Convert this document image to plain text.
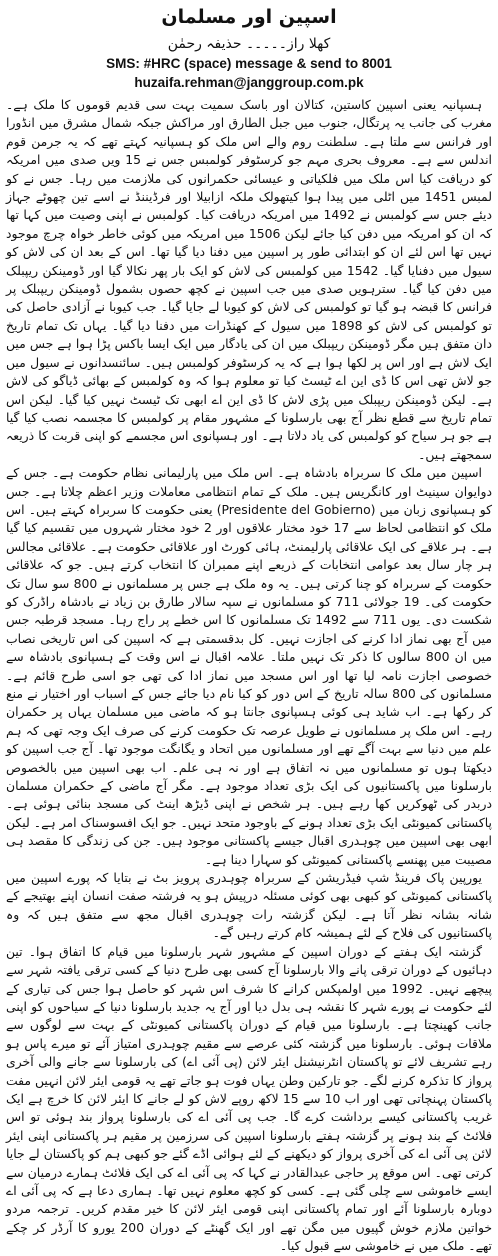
اسپین اور مسلمان
کھلا راز۔۔۔۔۔ حذیفہ رحمٰن
SMS: #HRC (space) message & send to 8001
huzaifa.rehman@janggroup.com.pk

ہسپانیہ یعنی اسپین کاستین، کتالان اور باسک سمیت بہت سی قدیم قوموں کا ملک ہے۔ مغرب کی جانب یہ پرتگال، جنوب میں جبل الطارق اور مراکش جبکہ شمال مشرق میں انڈورا اور فرانس سے ملتا ہے۔ سلطنت روم والے اس ملک کو ہسپانیہ کہتے تھے کہ یہ جرمن قوم اندلس سے ہے۔ معروف بحری مہم جو کرسٹوفر کولمبس جس نے 15 ویں صدی میں امریکہ کو دریافت کیا اس ملک میں فلکیاتی و عیسائی حکمرانوں کی ملازمت میں رہا۔ جس نے کو لمبس 1451 میں اٹلی میں پیدا ہوا کیتھولک ملکہ ازابیلا اور فرڈیننڈ نے اسے تین چھوٹے جہاز دیئے جس سے کولمبس نے 1492 میں امریکہ دریافت کیا۔ کولمبس نے اپنی وصیت میں کہا تھا کہ ان کو امریکہ میں دفن کیا جائے لیکن 1506 میں امریکہ میں کوئی خاطر خواہ چرچ موجود نہیں تھا اس لئے ان کو ابتدائی طور پر اسپین میں دفنا دیا گیا تھا۔ اس کے بعد ان کی لاش کو سیول میں دفنایا گیا۔ 1542 میں کولمبس کی لاش کو ایک بار پھر نکالا گیا اور ڈومینکن ریپبلک میں دفن کیا گیا۔ سترہویں صدی میں جب اسپین نے کچھ حصوں بشمول ڈومینکن ریپبلک پر فرانس کا قبضہ ہو گیا تو کولمبس کی لاش کو کیوبا لے جایا گیا۔ جب کیوبا نے آزادی حاصل کی تو کولمبس کی لاش کو 1898 میں سیول کے کھنڈرات میں دفنا دیا گیا۔ یہاں تک تمام تاریخ دان متفق ہیں مگر ڈومینکن ریپبلک میں ان کی یادگار میں ایک ایسا باکس پڑا ہوا ہے جس میں ایک لاش ہے اور اس پر لکھا ہوا ہے کہ یہ کرسٹوفر کولمبس ہیں۔ سائنسدانوں نے سیول میں جو لاش تھی اس کا ڈی این اے ٹیسٹ کیا تو معلوم ہوا کہ وہ کولمبس کے بھائی ڈیاگو کی لاش ہے۔ لیکن ڈومینکن ریپبلک میں پڑی لاش کا ڈی این اے ابھی تک ٹیسٹ نہیں کیا گیا۔ لیکن اس تمام تاریخ سے قطع نظر آج بھی بارسلونا کے مشہور مقام پر کولمبس کا مجسمہ نصب کیا گیا ہے جو ہر سیاح کو کولمبس کی یاد دلاتا ہے۔ اور ہسپانوی اس مجسمے کو اپنی قربت کا ذریعہ سمجھتے ہیں۔

اسپین میں ملک کا سربراہ بادشاہ ہے۔ اس ملک میں پارلیمانی نظام حکومت ہے۔ جس کے دوایوان سینیٹ اور کانگریس ہیں۔ ملک کے تمام انتظامی معاملات وزیر اعظم چلاتا ہے۔ جس کو ہسپانوی زبان میں (Presidente del Gobierno) یعنی حکومت کا سربراہ کہتے ہیں۔ اس ملک کو انتظامی لحاظ سے 17 خود مختار علاقوں اور 2 خود مختار شہروں میں تقسیم کیا گیا ہے۔ ہر علاقے کی ایک علاقائی پارلیمنٹ، ہائی کورٹ اور علاقائی حکومت ہے۔ علاقائی مجالس ہر چار سال بعد عوامی انتخابات کے ذریعے اپنے ممبران کا انتخاب کرتے ہیں۔ جو کہ علاقائی حکومت کے سربراہ کو چنا کرتی ہیں۔ یہ وہ ملک ہے جس پر مسلمانوں نے 800 سو سال تک حکومت کی۔ 19 جولائی 711 کو مسلمانوں نے سپہ سالار طارق بن زیاد نے بادشاہ راڈرک کو شکست دی۔ یوں 711 سے 1492 تک مسلمانوں کا اس خطے پر راج رہا۔ مسجد قرطبہ جس میں آج بھی نماز ادا کرنے کی اجازت نہیں۔ کل بدقسمتی ہے کہ اسپین کی اس تاریخی نصاب میں ان 800 سالوں کا ذکر تک نہیں ملتا۔ علامہ اقبال نے اس وقت کے ہسپانوی بادشاہ سے خصوصی اجازت نامہ لیا تھا اور اس مسجد میں نماز ادا کی تھی جو اسی طرح قائم ہے۔ مسلمانوں کی 800 سالہ تاریخ کے اس دور کو کیا نام دیا جائے جس کے اسباب اور اختیار نے منع کر رکھا ہے۔ اب شاید ہی کوئی ہسپانوی جانتا ہو کہ ماضی میں مسلمان یہاں پر حکمران رہے۔ اس ملک پر مسلمانوں نے طویل عرصہ تک حکومت کرنے کی صرف ایک وجہ تھی کہ ہم علم میں دنیا سے بہت آگے تھے اور مسلمانوں میں اتحاد و یگانگت موجود تھا۔ آج جب اسپین کو دیکھتا ہوں تو مسلمانوں میں نہ اتفاق ہے اور نہ ہی علم۔ اب بھی اسپین میں بالخصوص بارسلونا میں پاکستانیوں کی ایک بڑی تعداد موجود ہے۔ مگر آج ماضی کے حکمران مسلمان دربدر کی ٹھوکریں کھا رہے ہیں۔ ہر شخص نے اپنی ڈیڑھ اینٹ کی مسجد بنائی ہوئی ہے۔ پاکستانی کمیونٹی ایک بڑی تعداد ہونے کے باوجود متحد نہیں۔ جو ایک افسوسناک امر ہے۔ لیکن ابھی بھی اسپین میں چوہدری اقبال جیسے پاکستانی موجود ہیں۔ جن کی زندگی کا مقصد ہی مصیبت میں پھنسے پاکستانی کمیونٹی کو سہارا دینا ہے۔

یورپین پاک فرینڈ شپ فیڈریشن کے سربراہ چوہدری پرویز بٹ نے بتایا کہ پورے اسپین میں پاکستانی کمیونٹی کو کبھی بھی کوئی مسئلہ درپیش ہو یہ فرشتہ صفت انسان اپنے بھتیجے کے شانہ بشانہ نظر آتا ہے۔ لیکن گزشتہ رات چوہدری اقبال مجھ سے متفق ہیں کہ وہ پاکستانیوں کی فلاح کے لئے ہمیشہ کام کرتے رہیں گے۔

گزشتہ ایک ہفتے کے دوران اسپین کے مشہور شہر بارسلونا میں قیام کا اتفاق ہوا۔ تین دہائیوں کے دوران ترقی پانے والا بارسلونا آج کسی بھی طرح دنیا کے کسی ترقی یافتہ شہر سے پیچھے نہیں۔ 1992 میں اولمپکس کرانے کا شرف اس شہر کو حاصل ہوا جس کی تیاری کے لئے حکومت نے پورے شہر کا نقشہ ہی بدل دیا اور آج یہ جدید بارسلونا دنیا کے سیاحوں کو اپنی جانب کھینچتا ہے۔ بارسلونا میں قیام کے دوران پاکستانی کمیونٹی کے بہت سے لوگوں سے ملاقات ہوئی۔ بارسلونا میں گزشتہ کئی عرصے سے مقیم چوہدری امتیاز آئے تو میرے پاس ہو رہے تشریف لائے تو پاکستان انٹرنیشنل ایئر لائن (پی آئی اے) کی بارسلونا سے جانے والی آخری پرواز کا تذکرہ کرنے لگے۔ جو تارکین وطن یہاں فوت ہو جاتے تھے یہ قومی ایئر لائن انہیں مفت پاکستان پہنچاتی تھی اور اب 10 سے 15 لاکھ روپے لاش کو لے جانے کا ایئر لائن کا خرچ ہے ایک غریب پاکستانی کیسے برداشت کرے گا۔ جب پی آئی اے کی بارسلونا پرواز بند ہوئی تو اس فلائٹ کے بند ہونے پر گزشتہ ہفتے بارسلونا اسپین کی سرزمین پر مقیم ہر پاکستانی اپنی ایئر لائن پی آئی اے کی آخری پرواز کو دیکھنے کے لئے ہوائی اڈے گئے جو کبھی ہم کو پاکستان لے جایا کرتی تھی۔ اس موقع پر حاجی عبدالقادر نے کہا کہ پی آئی اے کی ایک فلائٹ ہمارے درمیان سے ایسے خاموشی سے چلی گئی ہے۔ کسی کو کچھ معلوم نہیں تھا۔ ہماری دعا ہے کہ پی آئی اے دوبارہ بارسلونا آئے اور تمام پاکستانی اپنی قومی ایئر لائن کا خیر مقدم کریں۔ ترجمہ مردو خواتین ملازم خوش گپیوں میں مگن تھے اور ایک گھنٹے کے دوران 200 یورو کا آرڈر کر چکے تھے۔ ملک میں نے خاموشی سے قبول کیا۔
